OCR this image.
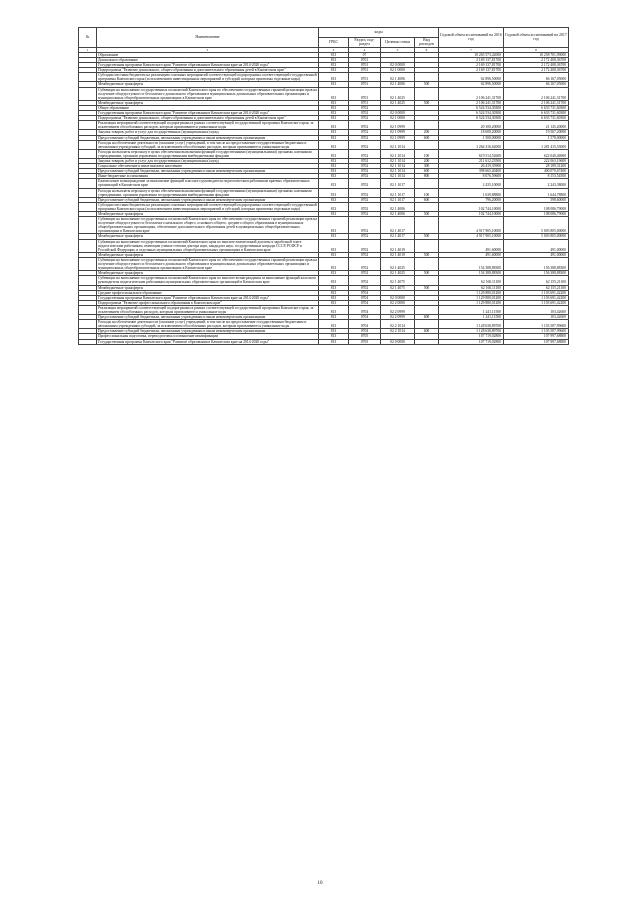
№	Наименование	коды				Годовой объем ассигнований на 2016 год	Годовой объем ассигнований на 2017 год
		ГРБС	Раздел, под-раздел	Целевая статья	Вид расходов		
1	2	3	4	5	6	7	8
	Образование	813	07			10 265 573,42000	10 258 701,99000
	Дошкольное образование	813	0701			2 169 137,81700	2 172 408,36700
	Государственная программа Камчатского края "Развитие образования в Камчатском крае на 2014-2020 годы"	813	0701	02 0 0000		2 169 137,81700	2 172 408,36700
	Подпрограмма "Развитие дошкольного, общего образования и дополнительного образования детей в Камчатском крае"	813	0701	02 1 0000		2 169 137,81700	2 172 408,36700
	Субсидии местным бюджетам на реализацию основных мероприятий соответствующей подпрограммы соответствующей государственной программы Камчатского края (за исключением инвестиционных мероприятий и субсидий, которым присвоены отдельные коды)	813	0701	02 1 4006		62 896,50000	66 167,05000
	Межбюджетные трансферты	813	0701	02 1 4006	500	62 896,50000	66 167,05000
	Субвенции на выполнение государственных полномочий Камчатского края по обеспечению государственных гарантий реализации прав на получение общедоступного и бесплатного дошкольного образования в муниципальных дошкольных образовательных организациях и муниципальных общеобразовательных организациях в Камчатском крае	813	0701	02 1 4025		2 106 241,31700	2 106 241,31700
	Межбюджетные трансферты	813	0701	02 1 4025	500	2 106 241,31700	2 106 241,31700
	Общее образование	813	0702			6 524 534,30300	6 633 731,60300
	Государственная программа Камчатского края "Развитие образования в Камчатском крае на 2014-2020 годы"	813	0702	02 0 0000		6 524 534,30300	6 633 731,60300
	Подпрограмма "Развитие дошкольного, общего образования и дополнительного образования детей в Камчатском крае"	813	0702	02 1 0000		6 524 534,30300	6 633 731,60300
	Реализация мероприятий соответствующей подпрограммы в рамках соответствующей государственной программы Камчатского края, за исключением обособленных расходов, которым присваиваются уникальные коды	813	0702	02 1 0999		20 100,20000	21 145,20000
	Закупка товаров, работ и услуг для государственных (муниципальных) нужд	813	0702	02 1 0999	200	18 600,20000	19 567,20000
	Предоставление субсидий бюджетным, автономным учреждениям и иным некоммерческим организациям	813	0702	02 1 0999	600	1 500,00000	1 578,00000
	Расходы на обеспечение деятельности (оказание услуг) учреждений, в том числе на предоставление государственным бюджетным и автономным учреждениям субсидий, за исключением обособленных расходов, которым присваиваются уникальные коды	813	0702	02 1 1014		1 264 316,62000	1 281 415,53000
	Расходы на выплаты персоналу в целях обеспечения выполнения функций государственными (муниципальными) органами, казенными учреждениями, органами управления государственными внебюджетными фондами	813	0702	02 1 1014	100	619 514,52600	622 040,46900
	Закупка товаров, работ и услуг для государственных (муниципальных) нужд	813	0702	02 1 1014	200	211 612,23500	222 063,19600
	Социальное обеспечение и иные выплаты населению	813	0702	02 1 1014	300	26 419,35900	28 189,31200
	Предоставление субсидий бюджетным, автономным учреждениям и иным некоммерческим организациям	813	0702	02 1 1014	600	398 665,40400	400 070,67400
	Иные бюджетные ассигнования	813	0702	02 1 1014	800	8 076,59600	8 153,54500
	Ежемесячное вознаграждение за выполнение функций классного руководителя педагогическим работникам краевых образовательных организаций в Камчатском крае	813	0702	02 1 1017		2 435,10000	2 243,38000
	Расходы на выплаты персоналу в целях обеспечения выполнения функций государственными (муниципальными) органами, казенными учреждениями, органами управления государственными внебюджетными фондами	813	0702	02 1 1017	100	1 639,88800	1 644,78800
	Предоставление субсидий бюджетным, автономным учреждениям и иным некоммерческим организациям	813	0702	02 1 1017	600	796,20000	598,60000
	Субсидии местным бюджетам на реализацию основных мероприятий соответствующей подпрограммы соответствующей государственной программы Камчатского края (за исключением инвестиционных мероприятий и субсидий, которым присвоены отдельные коды)	813	0702	02 1 4006		102 744,10000	108 086,79000
	Межбюджетные трансферты	813	0702	02 1 4006	500	102 744,10000	108 086,79000
	Субвенции на выполнение государственных полномочий Камчатского края по обеспечению государственных гарантий реализации прав на получение общедоступного и бесплатного начального общего, основного общего, среднего общего образования в муниципальных общеобразовательных организациях, обеспечение дополнительного образования детей в муниципальных общеобразовательных организациях в Камчатском крае	813	0702	02 1 4017		4 917 905,10000	5 003 805,00000
	Межбюджетные трансферты	813	0702	02 1 4017	500	4 917 905,10000	5 003 805,00000
	Субвенции на выполнение государственных полномочий Камчатского края по выплате ежемесячной доплаты к заработной плате педагогическим работникам, имеющим ученые степени доктора наук, кандидата наук, государственные награды СССР, РСФСР и Российской Федерации, в отдельных муниципальных общеобразовательных организациях в Камчатском крае	813	0702	02 1 4019		491,60000	491,00000
	Межбюджетные трансферты	813	0702	02 1 4019	500	491,60000	491,00000
	Субвенции на выполнение государственных полномочий Камчатского края по обеспечению государственных гарантий реализации прав на получение общедоступного и бесплатного дошкольного образования в муниципальных дошкольных образовательных организациях и муниципальных общеобразовательных организациях в Камчатском крае	813	0702	02 1 4025		154 388,88300	156 388,88300
	Межбюджетные трансферты	813	0702	02 1 4025	500	154 388,88300	156 388,88300
	Субвенции на выполнение государственных полномочий Камчатского края по выплате вознаграждения за выполнение функций классного руководителя педагогическим работникам муниципальных образовательных организаций в Камчатском крае	813	0702	02 1 4075		62 160,11100	62 155,21100
	Межбюджетные трансферты	813	0702	02 1 4075	500	62 160,11100	62 155,21100
	Среднее профессиональное образование	813	0704			1 129 880,01200	1 103 691,42200
	Государственная программа Камчатского края "Развитие образования в Камчатском крае на 2014-2020 годы"	813	0704	02 0 0000		1 129 880,01200	1 103 691,42200
	Подпрограмма "Развитие профессионального образования в Камчатском крае"	813	0704	02 2 0000		1 129 880,01200	1 103 691,42200
	Реализация мероприятий соответствующей подпрограммы в рамках соответствующей государственной программы Камчатского края, за исключением обособленных расходов, которым присваиваются уникальные коды	813	0704	02 2 0999		1 241,11500	103,42600
	Предоставление субсидий бюджетным, автономным учреждениям и иным некоммерческим организациям	813	0704	02 2 0999	600	1 241,11500	103,42600
	Расходы на обеспечение деятельности (оказание услуг) учреждений, в том числе на предоставление государственным бюджетным и автономным учреждениям субсидий, за исключением обособленных расходов, которым присваиваются уникальные коды	813	0704	02 2 1014		1 128 638,89700	1 103 587,99600
	Предоставление субсидий бюджетным, автономным учреждениям и иным некоммерческим организациям	813	0704	02 2 1014	600	1 128 638,89700	1 103 587,99600
	Профессиональная подготовка, переподготовка и повышение квалификации	813	0705			107 719,02800	107 997,68800
	Государственная программа Камчатского края "Развитие образования в Камчатском крае на 2014-2020 годы"	813	0705	02 0 0000		107 719,02800	107 997,68800
10
